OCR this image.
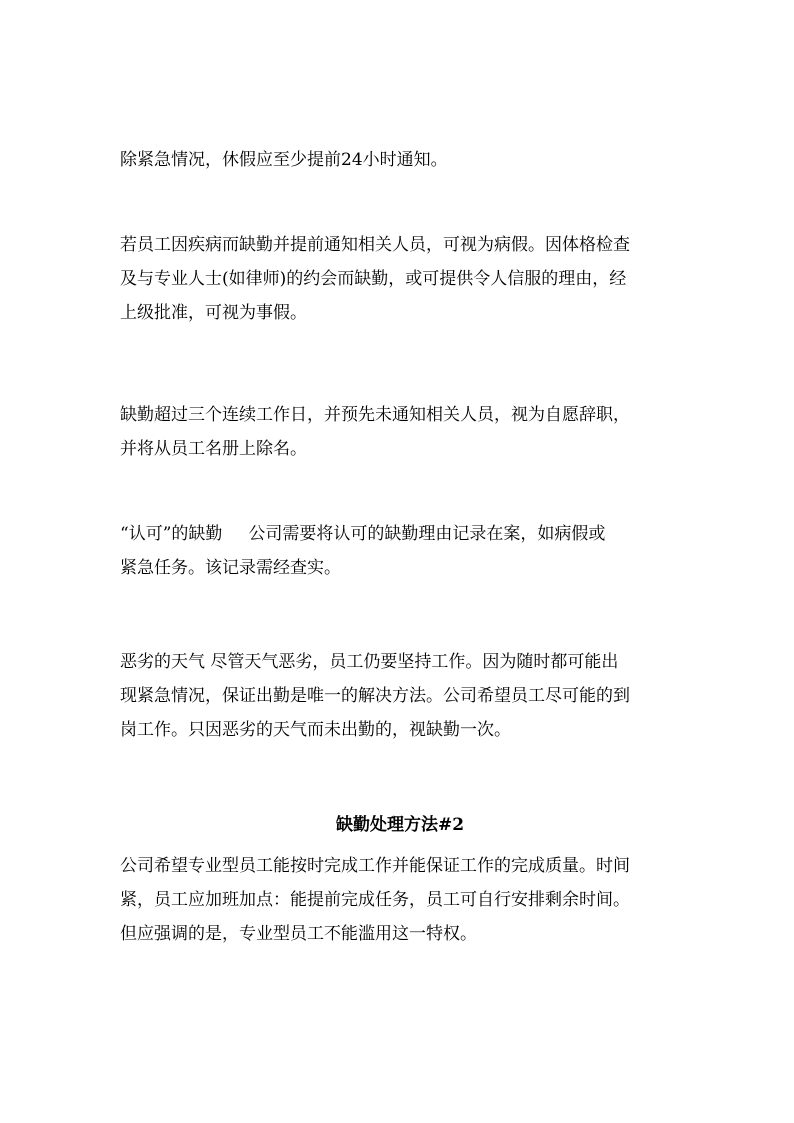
除紧急情况，休假应至少提前24小时通知。

若员工因疾病而缺勤并提前通知相关人员，可视为病假。因体格检查
及与专业人士(如律师)的约会而缺勤，或可提供令人信服的理由，经
上级批准，可视为事假。

缺勤超过三个连续工作日，并预先未通知相关人员，视为自愿辞职，
并将从员工名册上除名。

“认可”的缺勤 公司需要将认可的缺勤理由记录在案，如病假或
紧急任务。该记录需经查实。

恶劣的天气 尽管天气恶劣，员工仍要坚持工作。因为随时都可能出
现紧急情况，保证出勤是唯一的解决方法。公司希望员工尽可能的到
岗工作。只因恶劣的天气而未出勤的，视缺勤一次。

缺勤处理方法#2

公司希望专业型员工能按时完成工作并能保证工作的完成质量。时间
紧，员工应加班加点：能提前完成任务，员工可自行安排剩余时间。
但应强调的是，专业型员工不能滥用这一特权。
